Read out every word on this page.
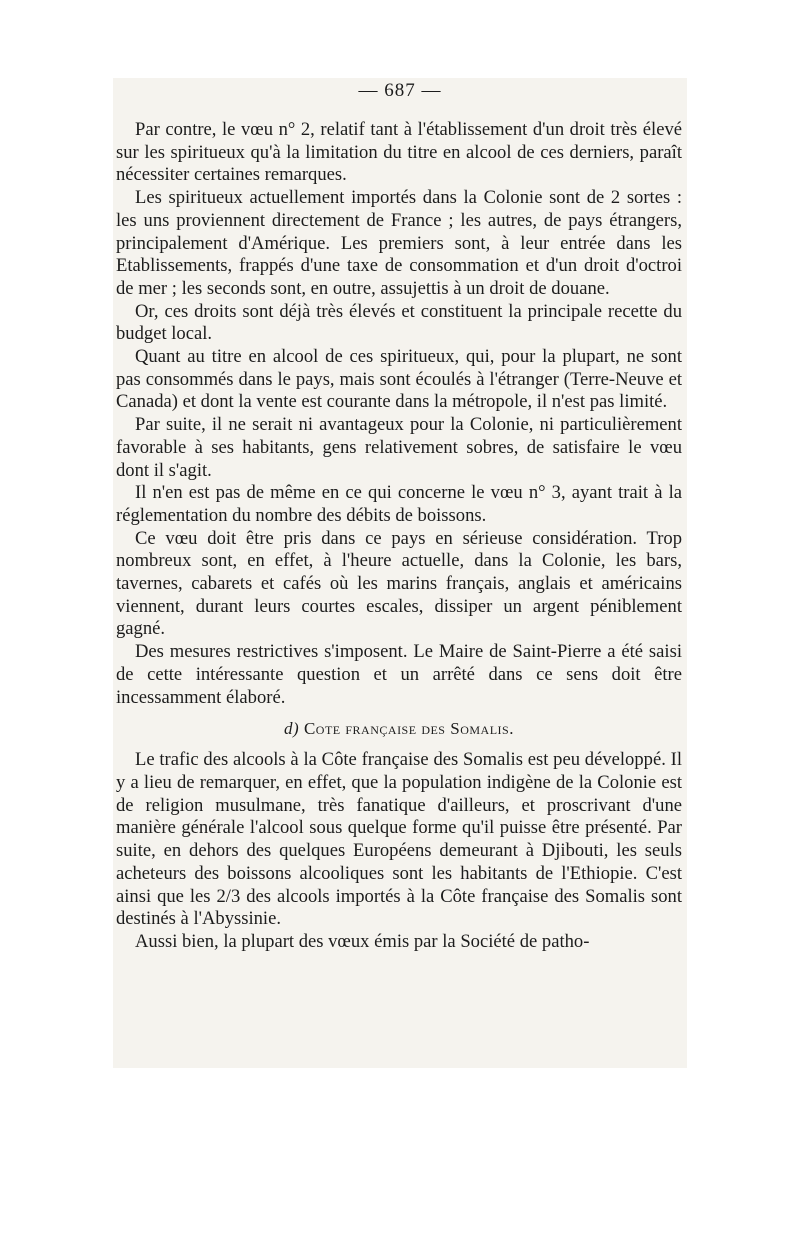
— 687 —

Par contre, le vœu n° 2, relatif tant à l'établissement d'un droit très élevé sur les spiritueux qu'à la limitation du titre en alcool de ces derniers, paraît nécessiter certaines remarques.

Les spiritueux actuellement importés dans la Colonie sont de 2 sortes : les uns proviennent directement de France ; les autres, de pays étrangers, principalement d'Amérique. Les premiers sont, à leur entrée dans les Etablissements, frappés d'une taxe de consommation et d'un droit d'octroi de mer ; les seconds sont, en outre, assujettis à un droit de douane.

Or, ces droits sont déjà très élevés et constituent la principale recette du budget local.

Quant au titre en alcool de ces spiritueux, qui, pour la plupart, ne sont pas consommés dans le pays, mais sont écoulés à l'étranger (Terre-Neuve et Canada) et dont la vente est courante dans la métropole, il n'est pas limité.

Par suite, il ne serait ni avantageux pour la Colonie, ni particulièrement favorable à ses habitants, gens relativement sobres, de satisfaire le vœu dont il s'agit.

Il n'en est pas de même en ce qui concerne le vœu n° 3, ayant trait à la réglementation du nombre des débits de boissons.

Ce vœu doit être pris dans ce pays en sérieuse considération. Trop nombreux sont, en effet, à l'heure actuelle, dans la Colonie, les bars, tavernes, cabarets et cafés où les marins français, anglais et américains viennent, durant leurs courtes escales, dissiper un argent péniblement gagné.

Des mesures restrictives s'imposent. Le Maire de Saint-Pierre a été saisi de cette intéressante question et un arrêté dans ce sens doit être incessamment élaboré.

d) Cote française des Somalis.

Le trafic des alcools à la Côte française des Somalis est peu développé. Il y a lieu de remarquer, en effet, que la population indigène de la Colonie est de religion musulmane, très fanatique d'ailleurs, et proscrivant d'une manière générale l'alcool sous quelque forme qu'il puisse être présenté. Par suite, en dehors des quelques Européens demeurant à Djibouti, les seuls acheteurs des boissons alcooliques sont les habitants de l'Ethiopie. C'est ainsi que les 2/3 des alcools importés à la Côte française des Somalis sont destinés à l'Abyssinie.

Aussi bien, la plupart des vœux émis par la Société de patho-
